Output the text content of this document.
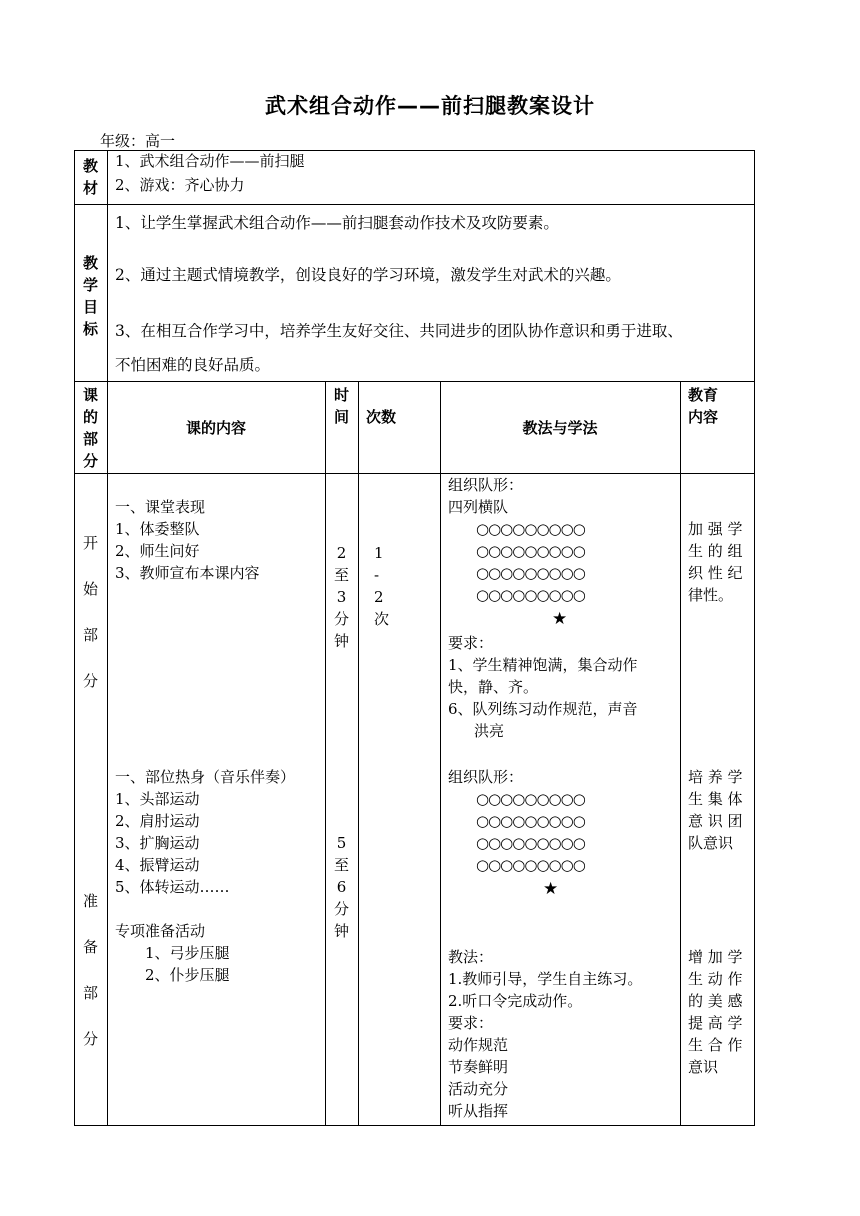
武术组合动作——前扫腿教案设计
年级：高一
教
材
1、武术组合动作——前扫腿
2、游戏：齐心协力
教
学
目
标
1、让学生掌握武术组合动作——前扫腿套动作技术及攻防要素。
2、通过主题式情境教学，创设良好的学习环境，激发学生对武术的兴趣。
3、在相互合作学习中，培养学生友好交往、共同进步的团队协作意识和勇于进取、
不怕困难的良好品质。
课
的
部
分
课的内容
时
间	次数
教法与学法
教育
内容
开
始
部
分
一、课堂表现
1、体委整队
2、师生问好
3、教师宣布本课内容
2
至
3
分
钟
1
-
2
次
组织队形：
四列横队
○○○○○○○○○
○○○○○○○○○
○○○○○○○○○
○○○○○○○○○
★
要求：
1、学生精神饱满，集合动作
快，静、齐。
6、队列练习动作规范，声音
洪亮
加 强 学
生 的 组
织 性 纪
律性。
准
备
部
分
一、部位热身（音乐伴奏）
1、头部运动
2、肩肘运动
3、扩胸运动
4、振臂运动
5、体转运动……
专项准备活动
1、弓步压腿
2、仆步压腿
5
至
6
分
钟
组织队形：
○○○○○○○○○
○○○○○○○○○
○○○○○○○○○
○○○○○○○○○
★
教法：
1.教师引导，学生自主练习。
2.听口令完成动作。
要求：
动作规范
节奏鲜明
活动充分
听从指挥
培 养 学
生 集 体
意 识 团
队意识
增 加 学
生 动 作
的 美 感
提 高 学
生 合 作
意识
